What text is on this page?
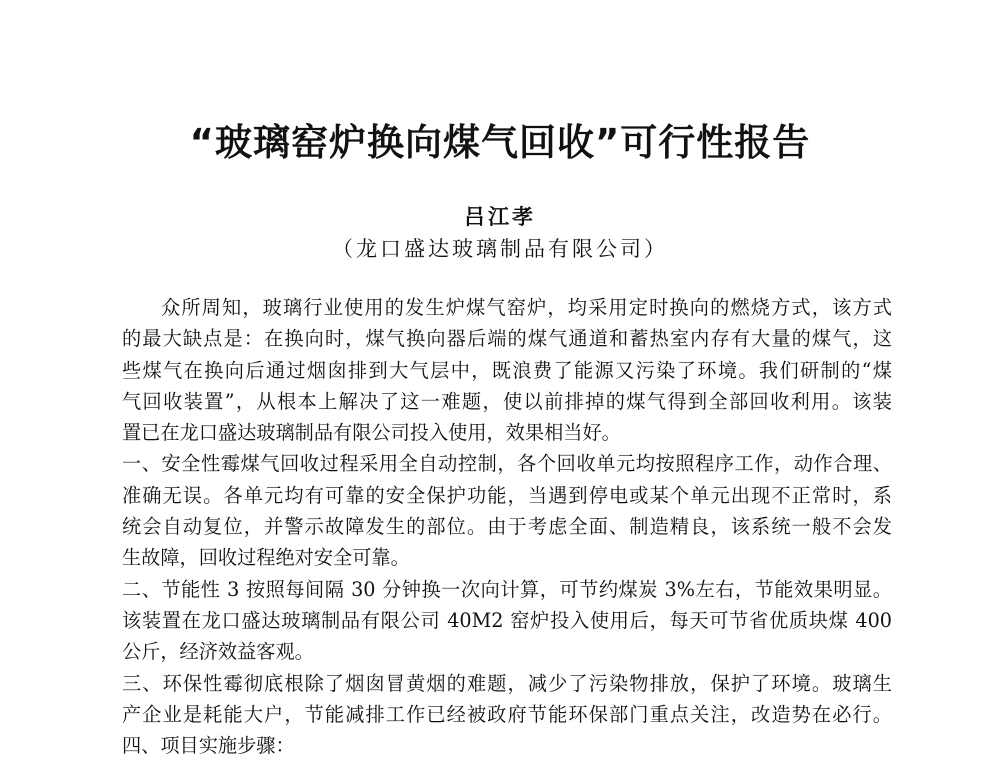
“玻璃窑炉换向煤气回收”可行性报告
吕江孝
（龙口盛达玻璃制品有限公司）
众所周知，玻璃行业使用的发生炉煤气窑炉，均采用定时换向的燃烧方式，该方式
的最大缺点是：在换向时，煤气换向器后端的煤气通道和蓄热室内存有大量的煤气，这
些煤气在换向后通过烟囱排到大气层中，既浪费了能源又污染了环境。我们研制的“煤
气回收装置”，从根本上解决了这一难题，使以前排掉的煤气得到全部回收利用。该装
置已在龙口盛达玻璃制品有限公司投入使用，效果相当好。
一、安全性霉煤气回收过程采用全自动控制，各个回收单元均按照程序工作，动作合理、
准确无误。各单元均有可靠的安全保护功能，当遇到停电或某个单元出现不正常时，系
统会自动复位，并警示故障发生的部位。由于考虑全面、制造精良，该系统一般不会发
生故障，回收过程绝对安全可靠。
二、节能性 3 按照每间隔 30 分钟换一次向计算，可节约煤炭 3%左右，节能效果明显。
该装置在龙口盛达玻璃制品有限公司 40M2 窑炉投入使用后，每天可节省优质块煤 400
公斤，经济效益客观。
三、环保性霉彻底根除了烟囱冒黄烟的难题，减少了污染物排放，保护了环境。玻璃生
产企业是耗能大户，节能减排工作已经被政府节能环保部门重点关注，改造势在必行。
四、项目实施步骤：
